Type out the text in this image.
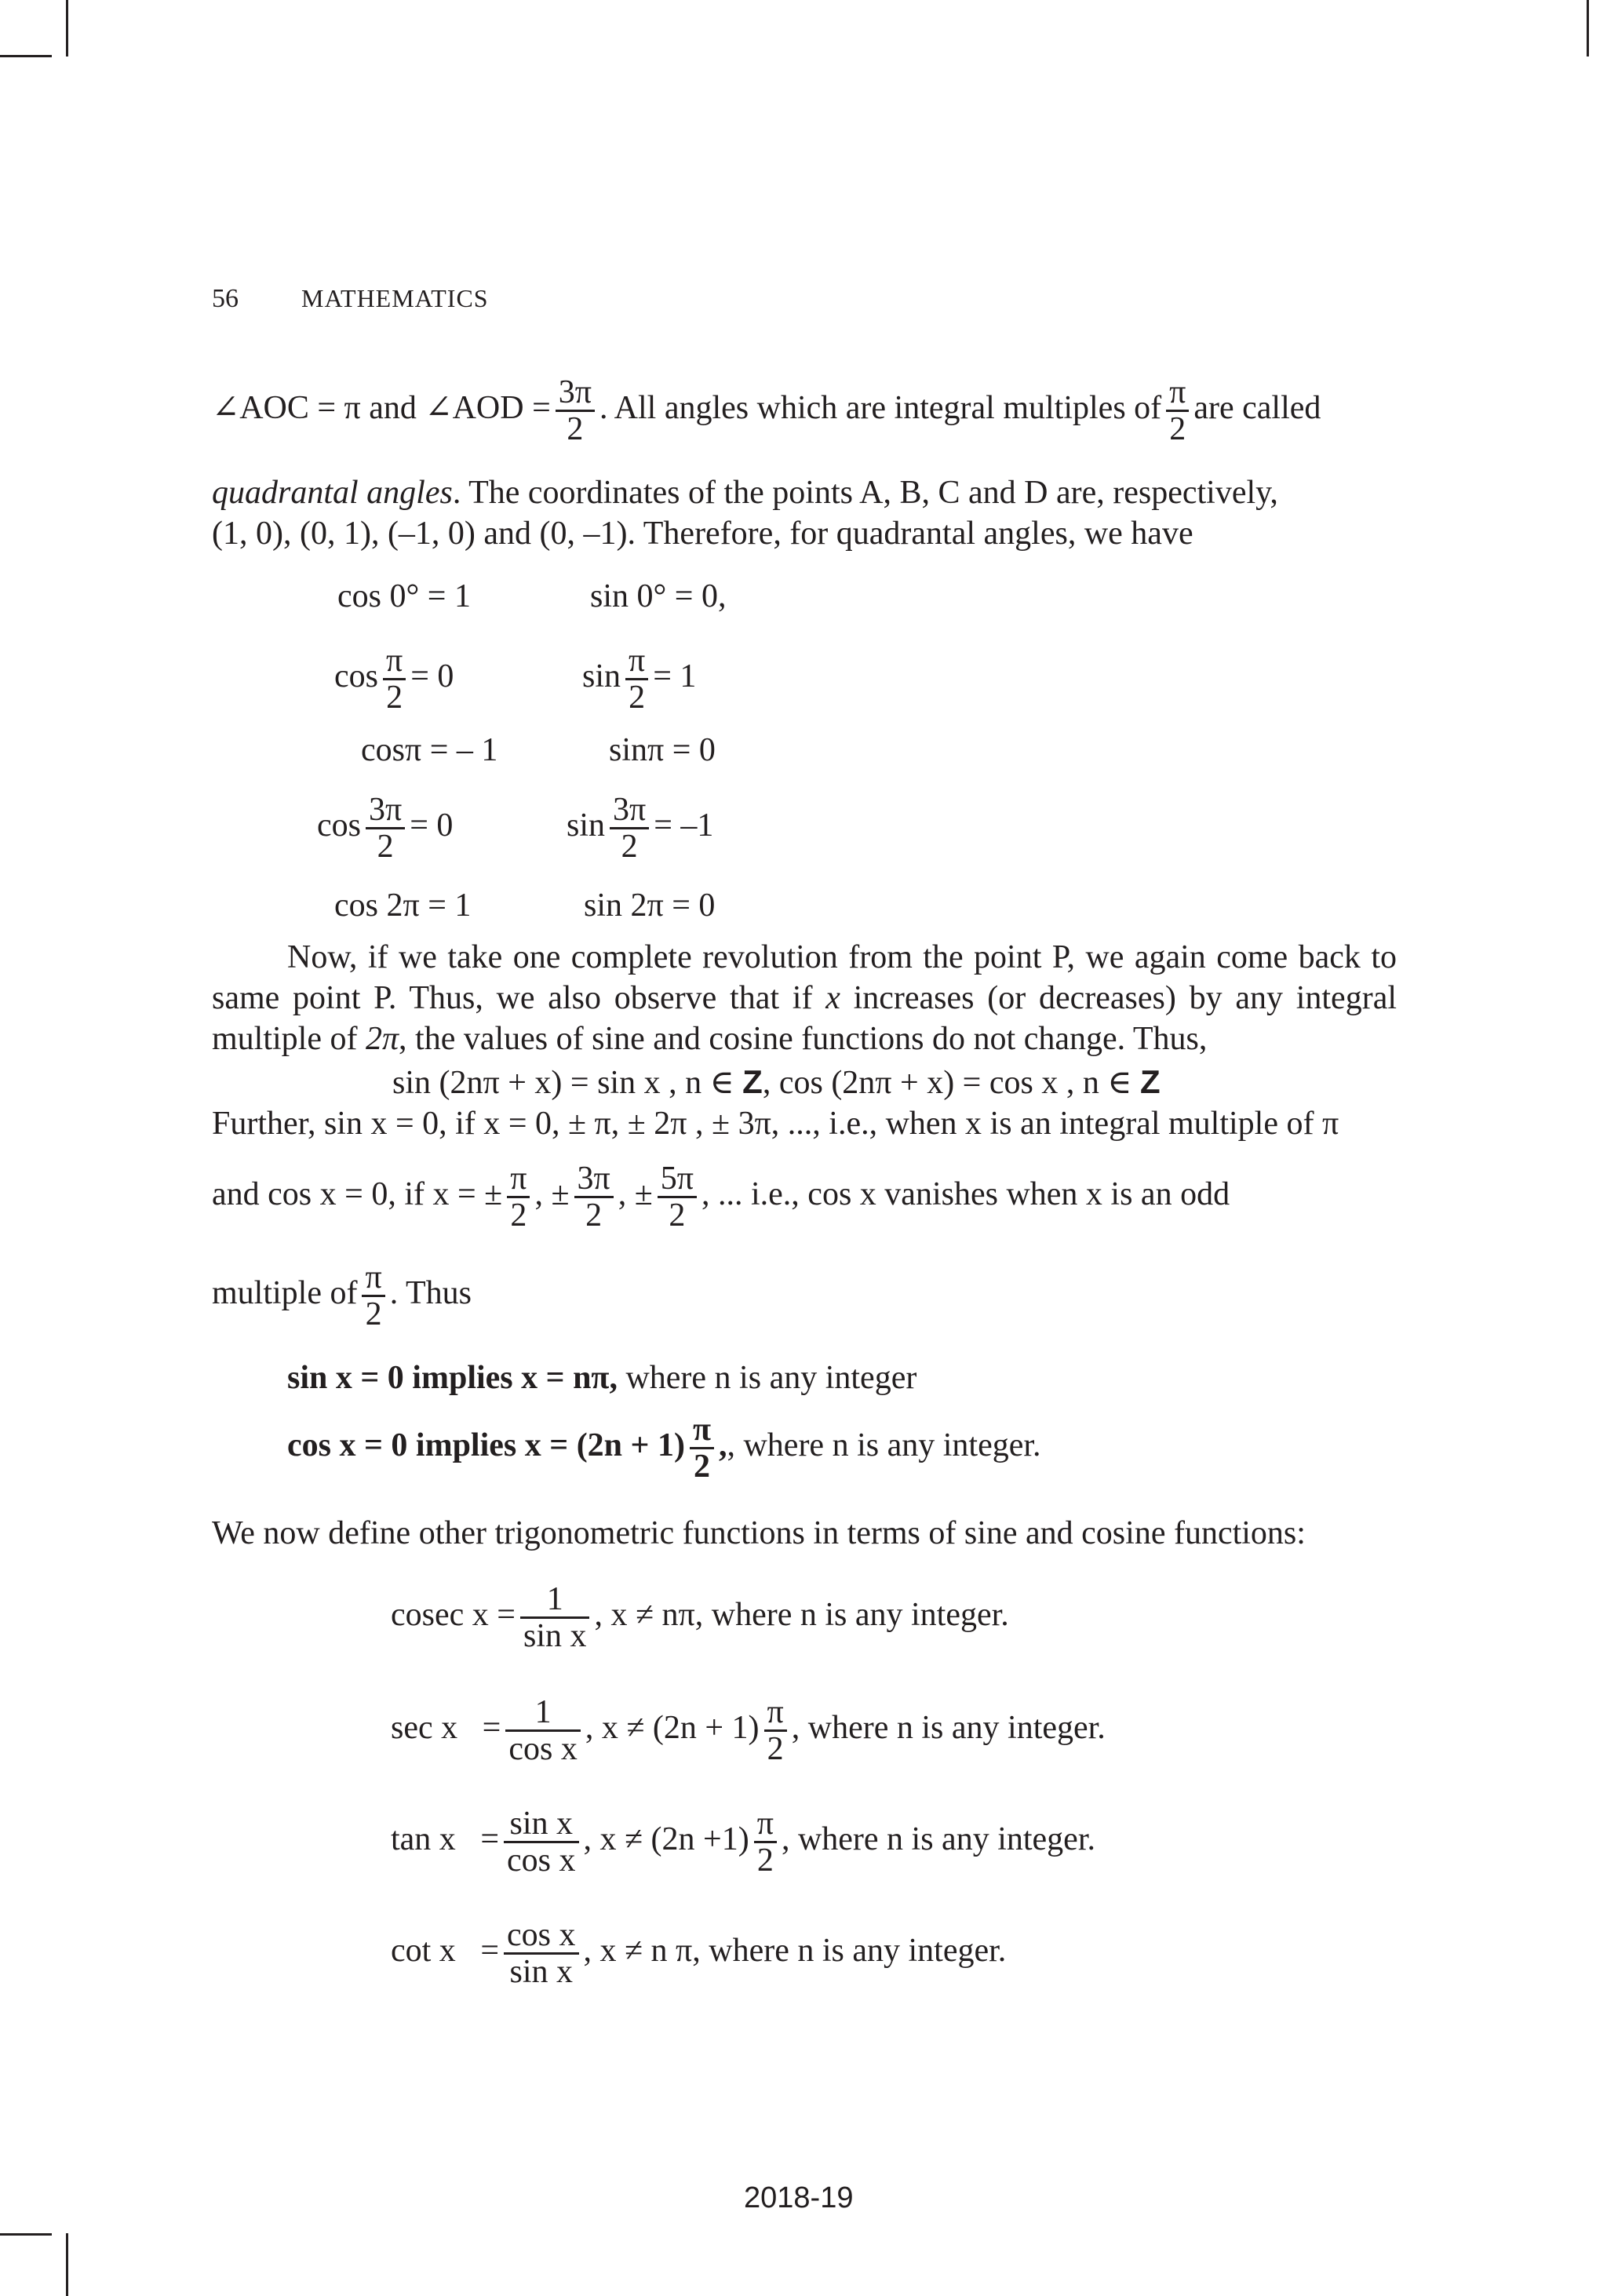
56	MATHEMATICS
∠AOC = π and ∠AOD = $\frac{3\pi}{2}$ . All angles which are integral multiples of $\frac{\pi}{2}$ are called
quadrantal angles. The coordinates of the points A, B, C and D are, respectively,
(1, 0), (0, 1), (–1, 0) and (0, –1). Therefore, for quadrantal angles, we have
cos 0° = 1	sin 0° = 0,
$\cos \frac{\pi}{2} = 0$	$\sin \frac{\pi}{2} = 1$
cosπ = – 1	sinπ = 0
$\cos \frac{3\pi}{2} = 0$	$\sin \frac{3\pi}{2} = -1$
cos 2π = 1	sin 2π = 0
Now, if we take one complete revolution from the point P, we again come back to same point P. Thus, we also observe that if x increases (or decreases) by any integral multiple of 2π, the values of sine and cosine functions do not change. Thus,
sin (2nπ + x) = sin x , n ∈ Z, cos (2nπ + x) = cos x , n ∈ Z
Further, sin x = 0, if x = 0, ± π, ± 2π , ± 3π, ..., i.e., when x is an integral multiple of π
and cos x = 0, if x = ± $\frac{\pi}{2}$ , ± $\frac{3\pi}{2}$ , ± $\frac{5\pi}{2}$ , ... i.e., cos x vanishes when x is an odd
multiple of $\frac{\pi}{2}$ . Thus
sin x = 0 implies x = nπ, where n is any integer
cos x = 0 implies $x = (2n + 1) \frac{\pi}{2}$ ,, where n is any integer.
We now define other trigonometric functions in terms of sine and cosine functions:
cosec $x = \frac{1}{\text{sin x}}$ , x ≠ nπ, where n is any integer.
$\sec x = \frac{1}{\text{cos x}}$ , $x \ne (2n + 1) \frac{\pi}{2}$ , where n is any integer.
$\tan x = \frac{\text{sin x}}{\text{cos x}}$ , $x \ne (2n +1) \frac{\pi}{2}$ , where n is any integer.
$\cot x = \frac{\text{cos x}}{\text{sin x}}$ , x ≠ n π, where n is any integer.
2018-19
